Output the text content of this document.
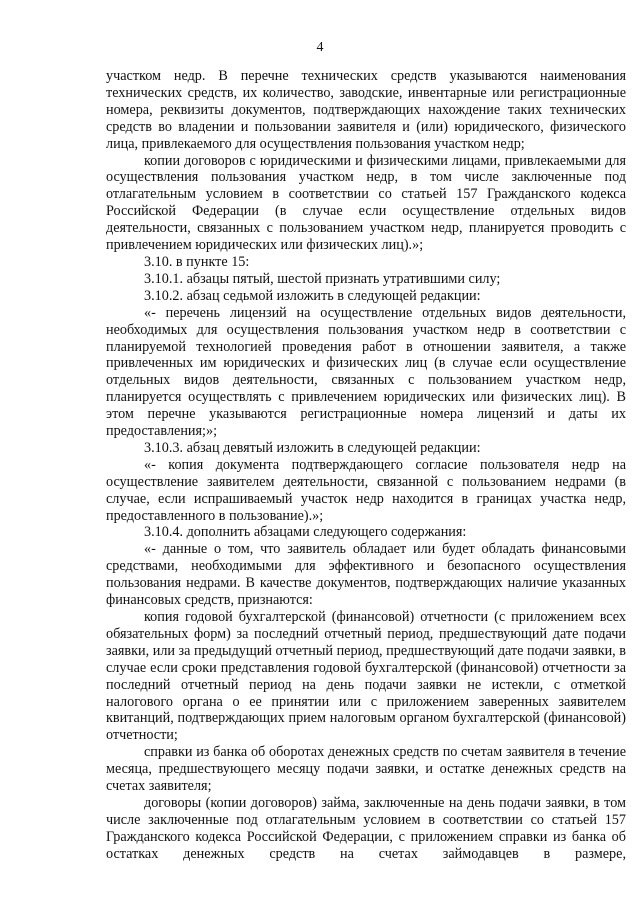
4

участком недр. В перечне технических средств указываются наименования технических средств, их количество, заводские, инвентарные или регистрационные номера, реквизиты документов, подтверждающих нахождение таких технических средств во владении и пользовании заявителя и (или) юридического, физического лица, привлекаемого для осуществления пользования участком недр;

копии договоров с юридическими и физическими лицами, привлекаемыми для осуществления пользования участком недр, в том числе заключенные под отлагательным условием в соответствии со статьей 157 Гражданского кодекса Российской Федерации (в случае если осуществление отдельных видов деятельности, связанных с пользованием участком недр, планируется проводить с привлечением юридических или физических лиц).»;

3.10. в пункте 15:

3.10.1. абзацы пятый, шестой признать утратившими силу;

3.10.2. абзац седьмой изложить в следующей редакции:

«- перечень лицензий на осуществление отдельных видов деятельности, необходимых для осуществления пользования участком недр в соответствии с планируемой технологией проведения работ в отношении заявителя, а также привлеченных им юридических и физических лиц (в случае если осуществление отдельных видов деятельности, связанных с пользованием участком недр, планируется осуществлять с привлечением юридических или физических лиц). В этом перечне указываются регистрационные номера лицензий и даты их предоставления;»;

3.10.3. абзац девятый изложить в следующей редакции:

«- копия документа подтверждающего согласие пользователя недр на осуществление заявителем деятельности, связанной с пользованием недрами (в случае, если испрашиваемый участок недр находится в границах участка недр, предоставленного в пользование).»;

3.10.4. дополнить абзацами следующего содержания:

«- данные о том, что заявитель обладает или будет обладать финансовыми средствами, необходимыми для эффективного и безопасного осуществления пользования недрами. В качестве документов, подтверждающих наличие указанных финансовых средств, признаются:

копия годовой бухгалтерской (финансовой) отчетности (с приложением всех обязательных форм) за последний отчетный период, предшествующий дате подачи заявки, или за предыдущий отчетный период, предшествующий дате подачи заявки, в случае если сроки представления годовой бухгалтерской (финансовой) отчетности за последний отчетный период на день подачи заявки не истекли, с отметкой налогового органа о ее принятии или с приложением заверенных заявителем квитанций, подтверждающих прием налоговым органом бухгалтерской (финансовой) отчетности;

справки из банка об оборотах денежных средств по счетам заявителя в течение месяца, предшествующего месяцу подачи заявки, и остатке денежных средств на счетах заявителя;

договоры (копии договоров) займа, заключенные на день подачи заявки, в том числе заключенные под отлагательным условием в соответствии со статьей 157 Гражданского кодекса Российской Федерации, с приложением справки из банка об остатках денежных средств на счетах займодавцев в размере,
